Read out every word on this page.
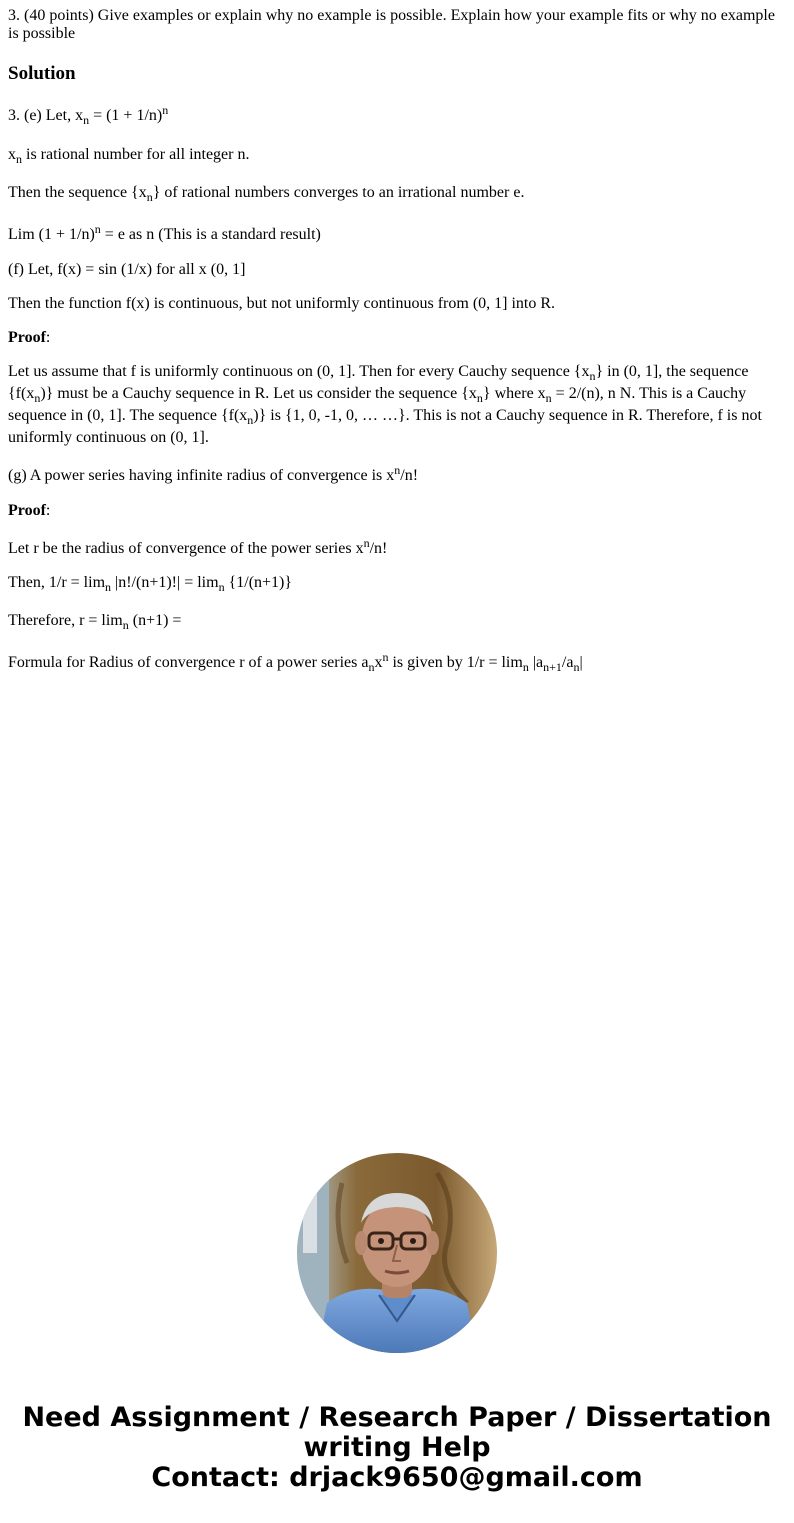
3. (40 points) Give examples or explain why no example is possible. Explain how your example fits or why no example is possible
Solution
3. (e) Let, $x_n = (1 + 1/n)^n$
$x_n$ is rational number for all integer n.
Then the sequence $\{x_n\}$ of rational numbers converges to an irrational number e.
Lim $(1 + 1/n)^n = e$ as n (This is a standard result)
(f) Let, f(x) = sin (1/x) for all x (0, 1]
Then the function f(x) is continuous, but not uniformly continuous from (0, 1] into R.
Proof:
Let us assume that f is uniformly continuous on (0, 1]. Then for every Cauchy sequence $\{x_n\}$ in (0, 1], the sequence $\{f(x_n)\}$ must be a Cauchy sequence in R. Let us consider the sequence $\{x_n\}$ where $x_n = 2/(n)$, n N. This is a Cauchy sequence in (0, 1]. The sequence $\{f(x_n)\}$ is {1, 0, -1, 0, … …}. This is not a Cauchy sequence in R. Therefore, f is not uniformly continuous on (0, 1].
(g) A power series having infinite radius of convergence is $x^n/n$!
Proof:
Let r be the radius of convergence of the power series $x^n/n$!
Then, $1/r = \lim_n |n!/(n+1)!| = \lim_n \{1/(n+1)\}$
Therefore, $r = \lim_n (n+1)$ =
Formula for Radius of convergence r of a power series $a_nx^n$ is given by $1/r = \lim_n |a_{n+1}/a_n|$
Need Assignment / Research Paper / Dissertation
writing Help
Contact: drjack9650@gmail.com
